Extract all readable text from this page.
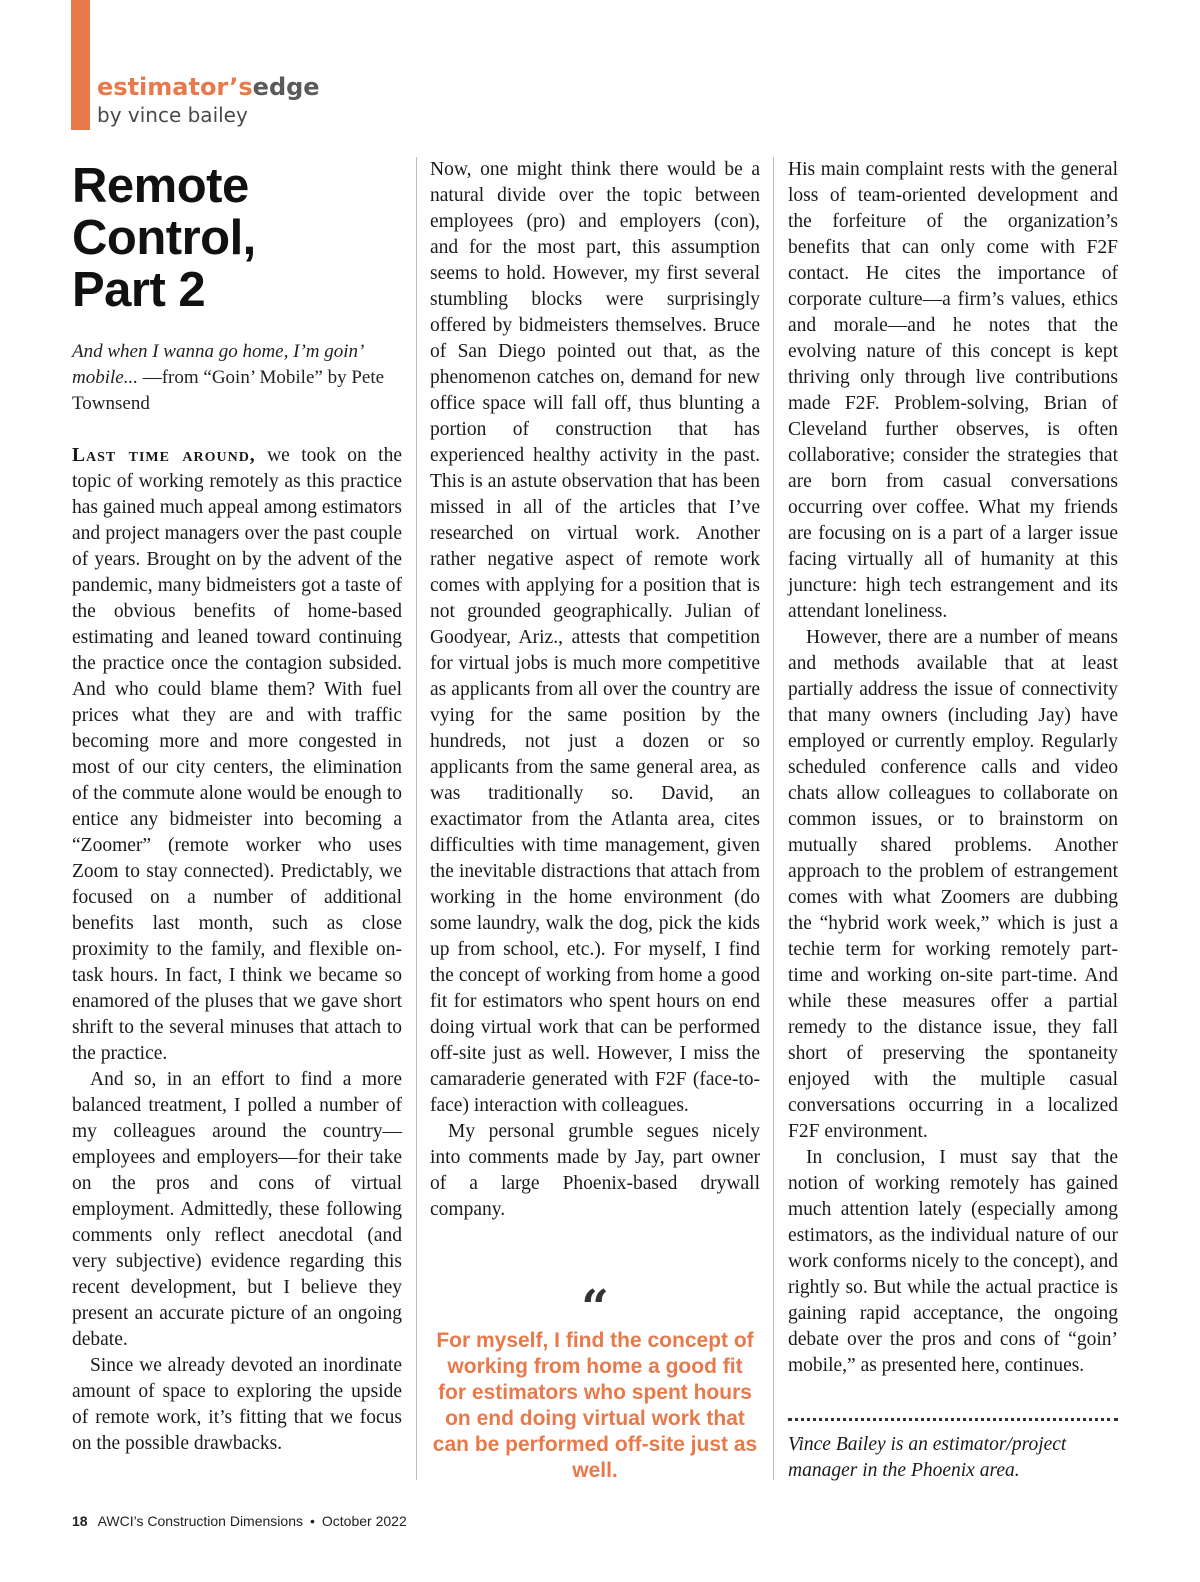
estimator’sedge
by vince bailey
Remote
Control,
Part 2
And when I wanna go home, I’m goin’ mobile... —from “Goin’ Mobile” by Pete Townsend

Last time around, we took on the topic of working remotely as this practice has gained much appeal among estimators and project managers over the past couple of years. Brought on by the advent of the pandemic, many bidmeisters got a taste of the obvious benefits of home-based estimating and leaned toward continuing the practice once the contagion subsided. And who could blame them? With fuel prices what they are and with traffic becoming more and more congested in most of our city centers, the elimination of the commute alone would be enough to entice any bidmeister into becoming a “Zoomer” (remote worker who uses Zoom to stay connected). Predictably, we focused on a number of additional benefits last month, such as close proximity to the family, and flexible on-task hours. In fact, I think we became so enamored of the pluses that we gave short shrift to the several minuses that attach to the practice.

And so, in an effort to find a more balanced treatment, I polled a number of my colleagues around the country—employees and employers—for their take on the pros and cons of virtual employment. Admittedly, these following comments only reflect anecdotal (and very subjective) evidence regarding this recent development, but I believe they present an accurate picture of an ongoing debate.

Since we already devoted an inordinate amount of space to exploring the upside of remote work, it’s fitting that we focus on the possible drawbacks.

Now, one might think there would be a natural divide over the topic between employees (pro) and employers (con), and for the most part, this assumption seems to hold. However, my first several stumbling blocks were surprisingly offered by bidmeisters themselves. Bruce of San Diego pointed out that, as the phenomenon catches on, demand for new office space will fall off, thus blunting a portion of construction that has experienced healthy activity in the past. This is an astute observation that has been missed in all of the articles that I’ve researched on virtual work. Another rather negative aspect of remote work comes with applying for a position that is not grounded geographically. Julian of Goodyear, Ariz., attests that competition for virtual jobs is much more competitive as applicants from all over the country are vying for the same position by the hundreds, not just a dozen or so applicants from the same general area, as was traditionally so. David, an exactimator from the Atlanta area, cites difficulties with time management, given the inevitable distractions that attach from working in the home environment (do some laundry, walk the dog, pick the kids up from school, etc.). For myself, I find the concept of working from home a good fit for estimators who spent hours on end doing virtual work that can be performed off-site just as well. However, I miss the camaraderie generated with F2F (face-to-face) interaction with colleagues.

My personal grumble segues nicely into comments made by Jay, part owner of a large Phoenix-based drywall company.

“
For myself, I find the concept of working from home a good fit for estimators who spent hours on end doing virtual work that can be performed off-site just as well.

His main complaint rests with the general loss of team-oriented development and the forfeiture of the organization’s benefits that can only come with F2F contact. He cites the importance of corporate culture—a firm’s values, ethics and morale—and he notes that the evolving nature of this concept is kept thriving only through live contributions made F2F. Problem-solving, Brian of Cleveland further observes, is often collaborative; consider the strategies that are born from casual conversations occurring over coffee. What my friends are focusing on is a part of a larger issue facing virtually all of humanity at this juncture: high tech estrangement and its attendant loneliness.

However, there are a number of means and methods available that at least partially address the issue of connectivity that many owners (including Jay) have employed or currently employ. Regularly scheduled conference calls and video chats allow colleagues to collaborate on common issues, or to brainstorm on mutually shared problems. Another approach to the problem of estrangement comes with what Zoomers are dubbing the “hybrid work week,” which is just a techie term for working remotely part-time and working on-site part-time. And while these measures offer a partial remedy to the distance issue, they fall short of preserving the spontaneity enjoyed with the multiple casual conversations occurring in a localized F2F environment.

In conclusion, I must say that the notion of working remotely has gained much attention lately (especially among estimators, as the individual nature of our work conforms nicely to the concept), and rightly so. But while the actual practice is gaining rapid acceptance, the ongoing debate over the pros and cons of “goin’ mobile,” as presented here, continues.

Vince Bailey is an estimator/project manager in the Phoenix area.
18 AWCI’s Construction Dimensions • October 2022
